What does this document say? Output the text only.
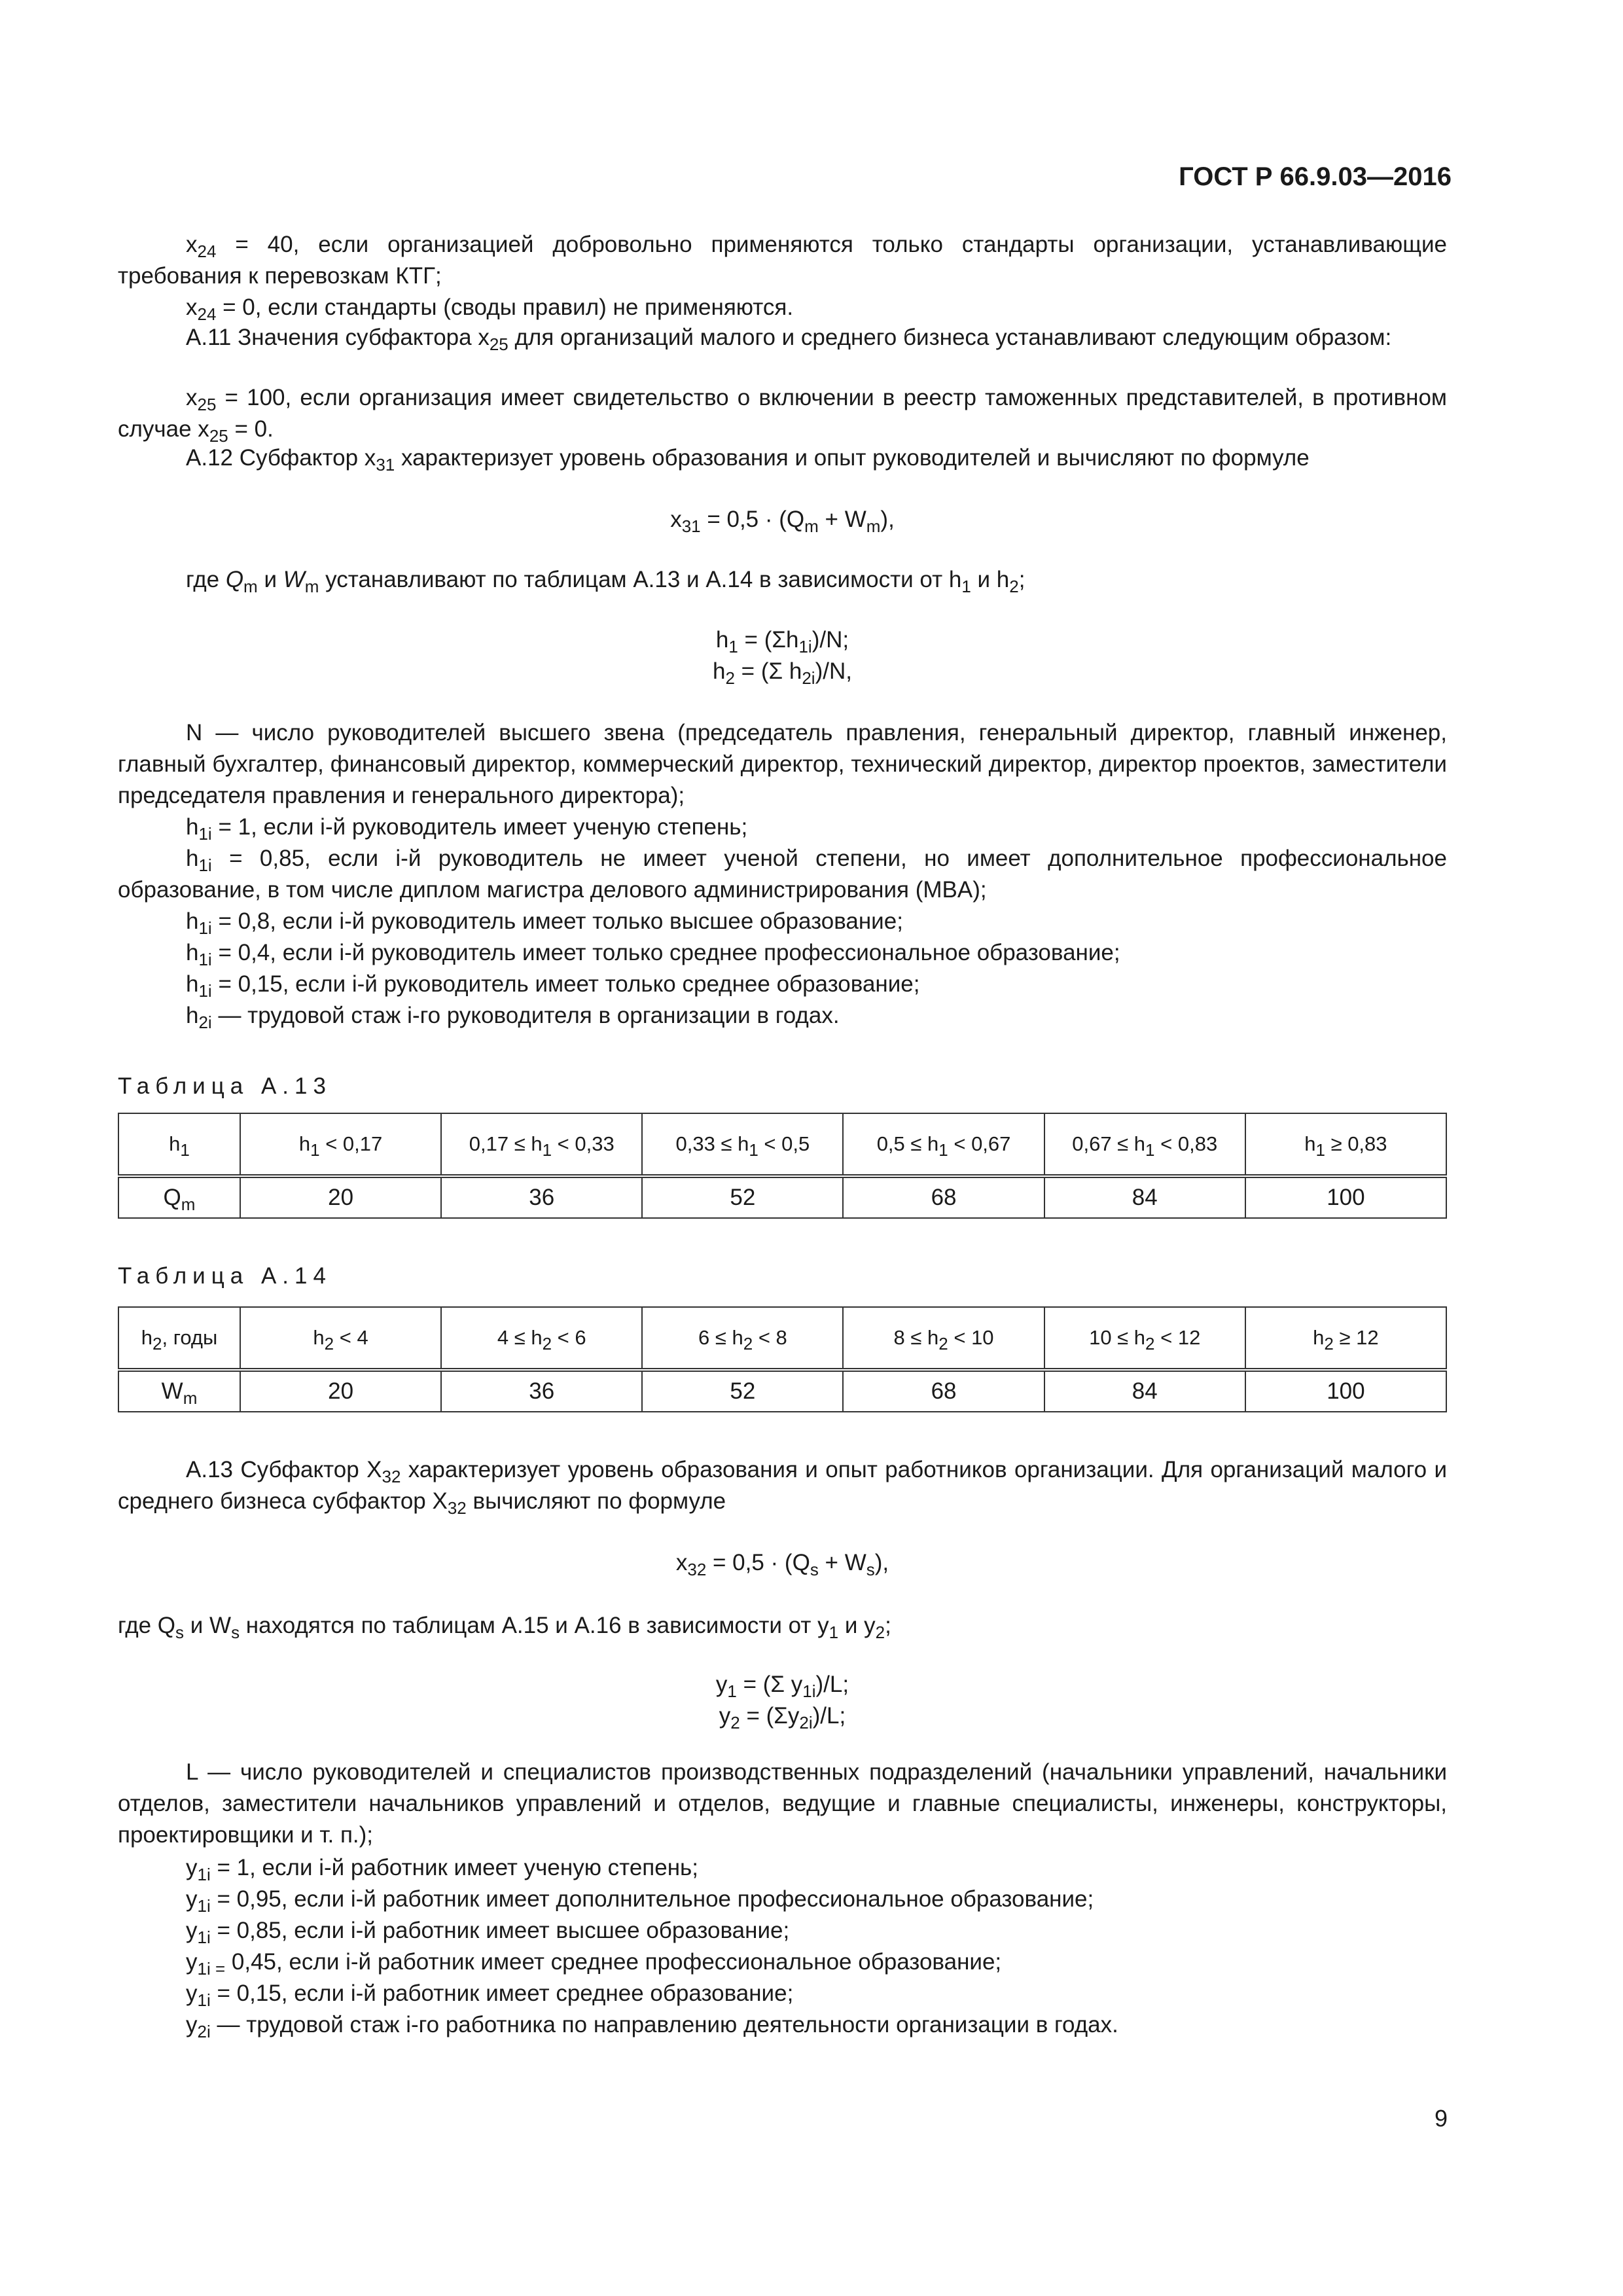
ГОСТ Р 66.9.03—2016
$x_{24} = 40$, если организацией добровольно применяются только стандарты организации, устанавливающие требования к перевозкам КТГ;
$x_{24} = 0$, если стандарты (своды правил) не применяются.
А.11 Значения субфактора $x_{25}$ для организаций малого и среднего бизнеса устанавливают следующим образом:
$x_{25} = 100$, если организация имеет свидетельство о включении в реестр таможенных представителей, в противном случае $x_{25} = 0$.
А.12 Субфактор $x_{31}$ характеризует уровень образования и опыт руководителей и вычисляют по формуле
$x_{31} = 0,5 \cdot (Q_m + W_m)$,
где $Q_m$ и $W_m$ устанавливают по таблицам А.13 и А.14 в зависимости от $h_1$ и $h_2$;
$h_1 = (\Sigma h_{1i})/N$;
$h_2 = (\Sigma$ $h_{2i})/N$,
N — число руководителей высшего звена (председатель правления, генеральный директор, главный инженер, главный бухгалтер, финансовый директор, коммерческий директор, технический директор, директор проектов, заместители председателя правления и генерального директора);
$h_{1i} = 1$, если i-й руководитель имеет ученую степень;
$h_{1i} = 0,85$, если i-й руководитель не имеет ученой степени, но имеет дополнительное профессиональное образование, в том числе диплом магистра делового администрирования (MBA);
$h_{1i} = 0,8$, если i-й руководитель имеет только высшее образование;
$h_{1i} = 0,4$, если i-й руководитель имеет только среднее профессиональное образование;
$h_{1i} = 0,15$, если i-й руководитель имеет только среднее образование;
$h_{2i}$ — трудовой стаж i-го руководителя в организации в годах.
Таблица А.13
$h_1$	$h_1 < 0,17$	$0,17 \le h_1 < 0,33$	$0,33 \le h_1 < 0,5$	$0,5 \le h_1 < 0,67$	$0,67 \le h_1 < 0,83$	$h_1 \ge 0,83$
$Q_m$	20	36	52	68	84	100
Таблица А.14
$h_2$, годы	$h_2 < 4$	$4 \le h_2 < 6$	$6 \le h_2 < 8$	$8 \le h_2 < 10$	$10 \le h_2 < 12$	$h_2 \ge 12$
$W_m$	20	36	52	68	84	100
А.13 Субфактор $X_{32}$ характеризует уровень образования и опыт работников организации. Для организаций малого и среднего бизнеса субфактор $X_{32}$ вычисляют по формуле
$x_{32} = 0,5 \cdot (Q_s + W_s)$,
где $Q_s$ и $W_s$ находятся по таблицам А.15 и А.16 в зависимости от $y_1$ и $y_2$;
$y_1 = (\Sigma$ $y_{1i})/L$;
$y_2 = (\Sigma y_{2i})/L$;
L — число руководителей и специалистов производственных подразделений (начальники управлений, начальники отделов, заместители начальников управлений и отделов, ведущие и главные специалисты, инженеры, конструкторы, проектировщики и т. п.);
$y_{1i} = 1$, если i-й работник имеет ученую степень;
$y_{1i} = 0,95$, если i-й работник имеет дополнительное профессиональное образование;
$y_{1i} = 0,85$, если i-й работник имеет высшее образование;
$y_{1i =}$ 0,45, если i-й работник имеет среднее профессиональное образование;
$y_{1i} = 0,15$, если i-й работник имеет среднее образование;
$y_{2i}$ — трудовой стаж i-го работника по направлению деятельности организации в годах.
9
